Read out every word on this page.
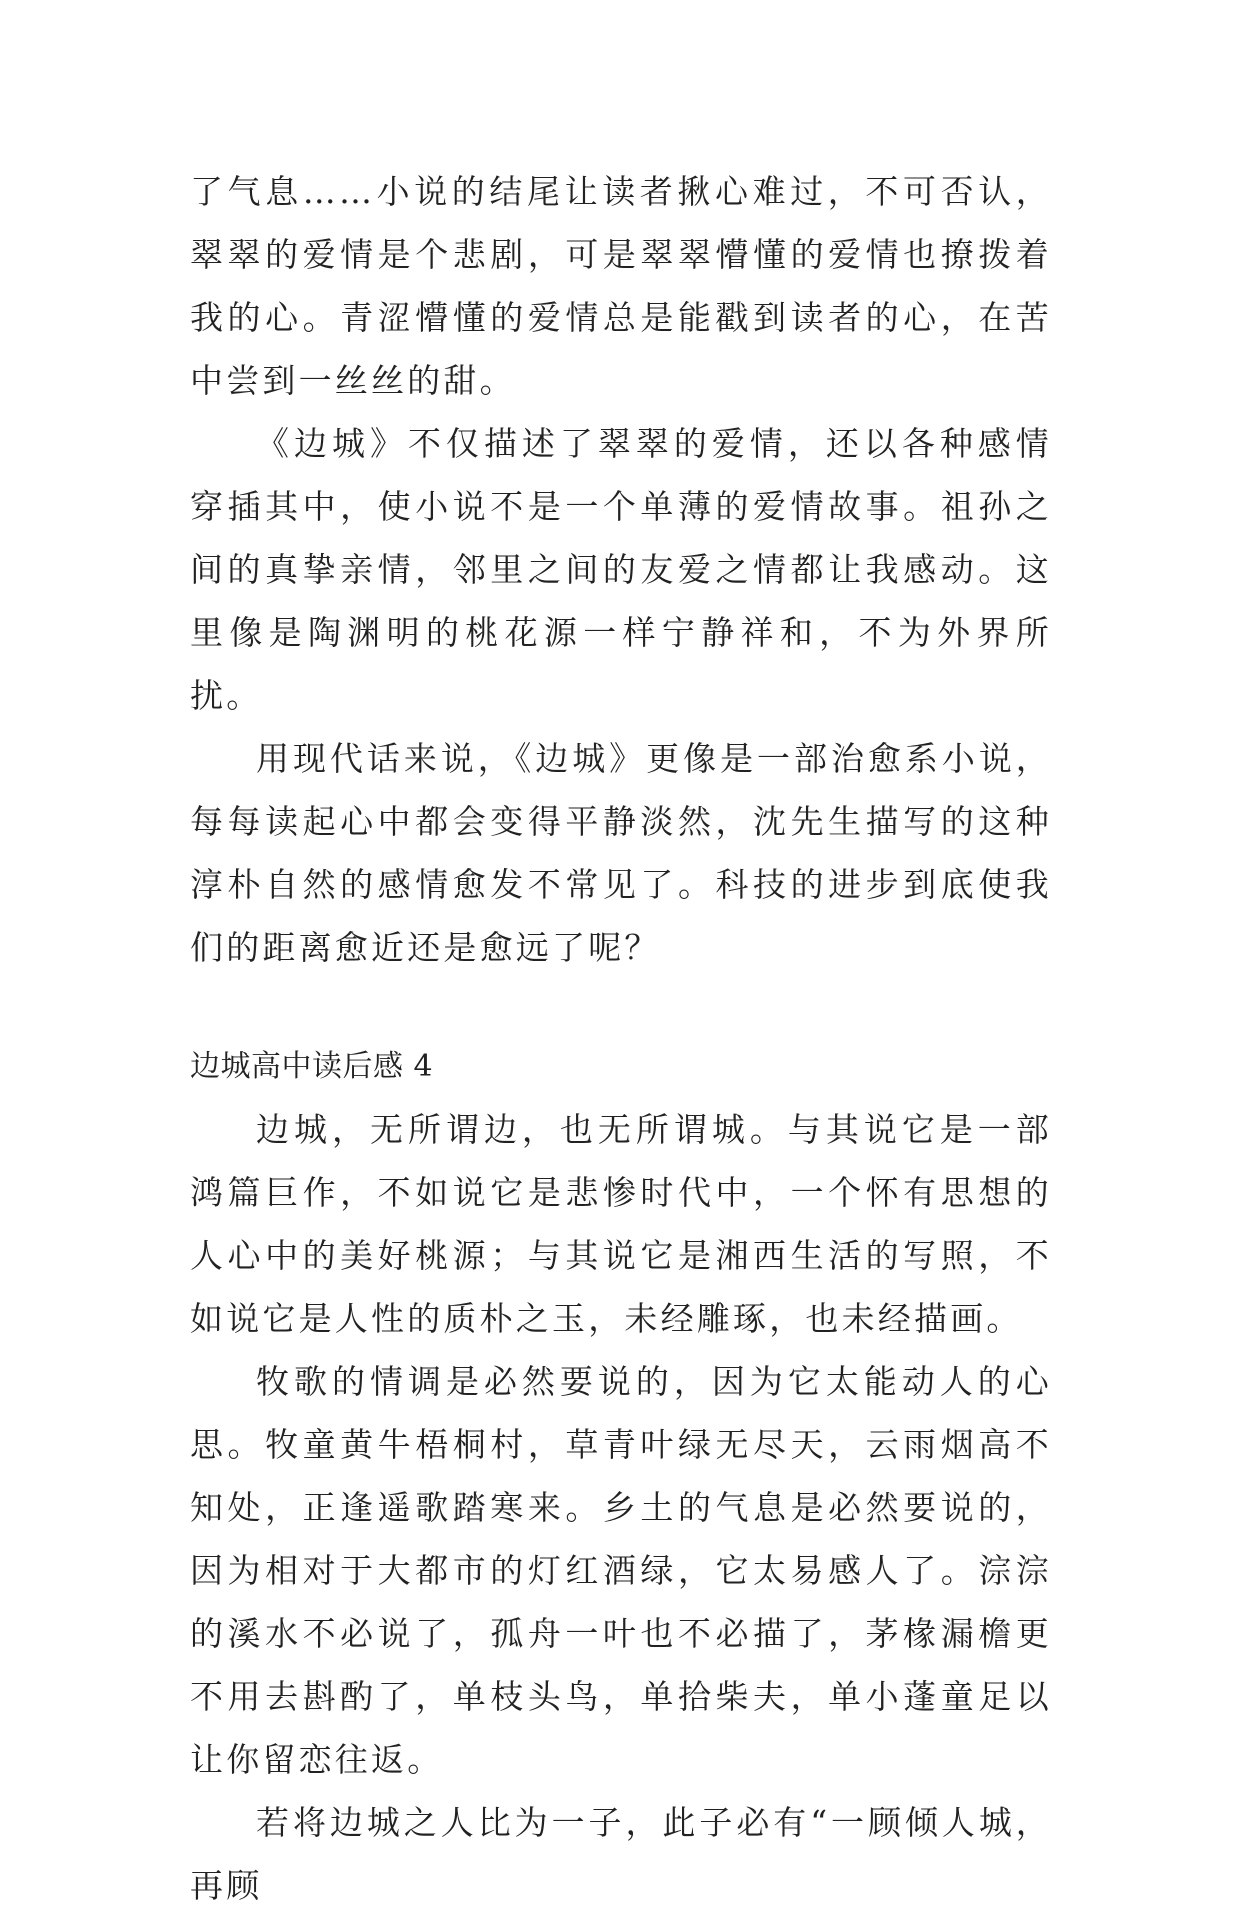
了气息……小说的结尾让读者揪心难过，不可否认，翠翠的爱情是个悲剧，可是翠翠懵懂的爱情也撩拨着我的心。青涩懵懂的爱情总是能戳到读者的心，在苦中尝到一丝丝的甜。

《边城》不仅描述了翠翠的爱情，还以各种感情穿插其中，使小说不是一个单薄的爱情故事。祖孙之间的真挚亲情，邻里之间的友爱之情都让我感动。这里像是陶渊明的桃花源一样宁静祥和，不为外界所扰。

用现代话来说，《边城》更像是一部治愈系小说，每每读起心中都会变得平静淡然，沈先生描写的这种淳朴自然的感情愈发不常见了。科技的进步到底使我们的距离愈近还是愈远了呢？

边城高中读后感 4

边城，无所谓边，也无所谓城。与其说它是一部鸿篇巨作，不如说它是悲惨时代中，一个怀有思想的人心中的美好桃源；与其说它是湘西生活的写照，不如说它是人性的质朴之玉，未经雕琢，也未经描画。

牧歌的情调是必然要说的，因为它太能动人的心思。牧童黄牛梧桐村，草青叶绿无尽天，云雨烟高不知处，正逢遥歌踏寒来。乡土的气息是必然要说的，因为相对于大都市的灯红酒绿，它太易感人了。淙淙的溪水不必说了，孤舟一叶也不必描了，茅椽漏檐更不用去斟酌了，单枝头鸟，单拾柴夫，单小蓬童足以让你留恋往返。

若将边城之人比为一子，此子必有“一顾倾人城，再顾
